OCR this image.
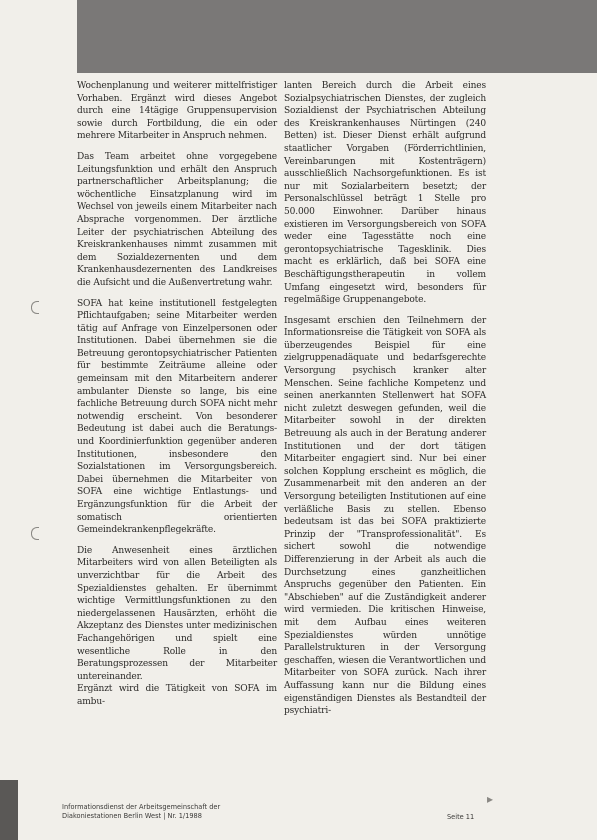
Wochenplanung und weiterer mittelfristiger Vorhaben. Ergänzt wird dieses Angebot durch eine 14tägige Gruppensupervision sowie durch Fortbildung, die ein oder mehrere Mitarbeiter in Anspruch nehmen.

Das Team arbeitet ohne vorgegebene Leitungsfunktion und erhält den Anspruch partnerschaftlicher Arbeitsplanung; die wöchentliche Einsatzplanung wird im Wechsel von jeweils einem Mitarbeiter nach Absprache vorgenommen. Der ärztliche Leiter der psychiatrischen Abteilung des Kreiskrankenhauses nimmt zusammen mit dem Sozialdezernenten und dem Krankenhausdezernenten des Landkreises die Aufsicht und die Außenvertretung wahr.

SOFA hat keine institutionell festgelegten Pflichtaufgaben; seine Mitarbeiter werden tätig auf Anfrage von Einzelpersonen oder Institutionen. Dabei übernehmen sie die Betreuung gerontopsychiatrischer Patienten für bestimmte Zeiträume alleine oder gemeinsam mit den Mitarbeitern anderer ambulanter Dienste so lange, bis eine fachliche Betreuung durch SOFA nicht mehr notwendig erscheint. Von besonderer Bedeutung ist dabei auch die Beratungs- und Koordinierfunktion gegenüber anderen Institutionen, insbesondere den Sozialstationen im Versorgungsbereich. Dabei übernehmen die Mitarbeiter von SOFA eine wichtige Entlastungs- und Ergänzungsfunktion für die Arbeit der somatisch orientierten Gemeindekrankenpflegekräfte.

Die Anwesenheit eines ärztlichen Mitarbeiters wird von allen Beteiligten als unverzichtbar für die Arbeit des Spezialdienstes gehalten. Er übernimmt wichtige Vermittlungsfunktionen zu den niedergelassenen Hausärzten, erhöht die Akzeptanz des Dienstes unter medizinischen Fachangehörigen und spielt eine wesentliche Rolle in den Beratungsprozessen der Mitarbeiter untereinander.

Ergänzt wird die Tätigkeit von SOFA im ambu-

lanten Bereich durch die Arbeit eines Sozialpsychiatrischen Dienstes, der zugleich Sozialdienst der Psychiatrischen Abteilung des Kreiskrankenhauses Nürtingen (240 Betten) ist. Dieser Dienst erhält aufgrund staatlicher Vorgaben (Förderrichtlinien, Vereinbarungen mit Kostenträgern) ausschließlich Nachsorgefunktionen. Es ist nur mit Sozialarbeitern besetzt; der Personalschlüssel beträgt 1 Stelle pro 50.000 Einwohner. Darüber hinaus existieren im Versorgungsbereich von SOFA weder eine Tagesstätte noch eine gerontopsychiatrische Tagesklinik. Dies macht es erklärlich, daß bei SOFA eine Beschäftigungstherapeutin in vollem Umfang eingesetzt wird, besonders für regelmäßige Gruppenangebote.

Insgesamt erschien den Teilnehmern der Informationsreise die Tätigkeit von SOFA als überzeugendes Beispiel für eine zielgruppenadäquate und bedarfsgerechte Versorgung psychisch kranker alter Menschen. Seine fachliche Kompetenz und seinen anerkannten Stellenwert hat SOFA nicht zuletzt deswegen gefunden, weil die Mitarbeiter sowohl in der direkten Betreuung als auch in der Beratung anderer Institutionen und der dort tätigen Mitarbeiter engagiert sind. Nur bei einer solchen Kopplung erscheint es möglich, die Zusammenarbeit mit den anderen an der Versorgung beteiligten Institutionen auf eine verläßliche Basis zu stellen. Ebenso bedeutsam ist das bei SOFA praktizierte Prinzip der "Transprofessionalität". Es sichert sowohl die notwendige Differenzierung in der Arbeit als auch die Durchsetzung eines ganzheitlichen Anspruchs gegenüber den Patienten. Ein "Abschieben" auf die Zuständigkeit anderer wird vermieden. Die kritischen Hinweise, mit dem Aufbau eines weiteren Spezialdienstes würden unnötige Parallelstrukturen in der Versorgung geschaffen, wiesen die Verantwortlichen und Mitarbeiter von SOFA zurück. Nach ihrer Auffassung kann nur die Bildung eines eigenständigen Dienstes als Bestandteil der psychiatri-

▸
Informationsdienst der Arbeitsgemeinschaft der
Diakoniestationen Berlin West | Nr. 1/1988	Seite 11
